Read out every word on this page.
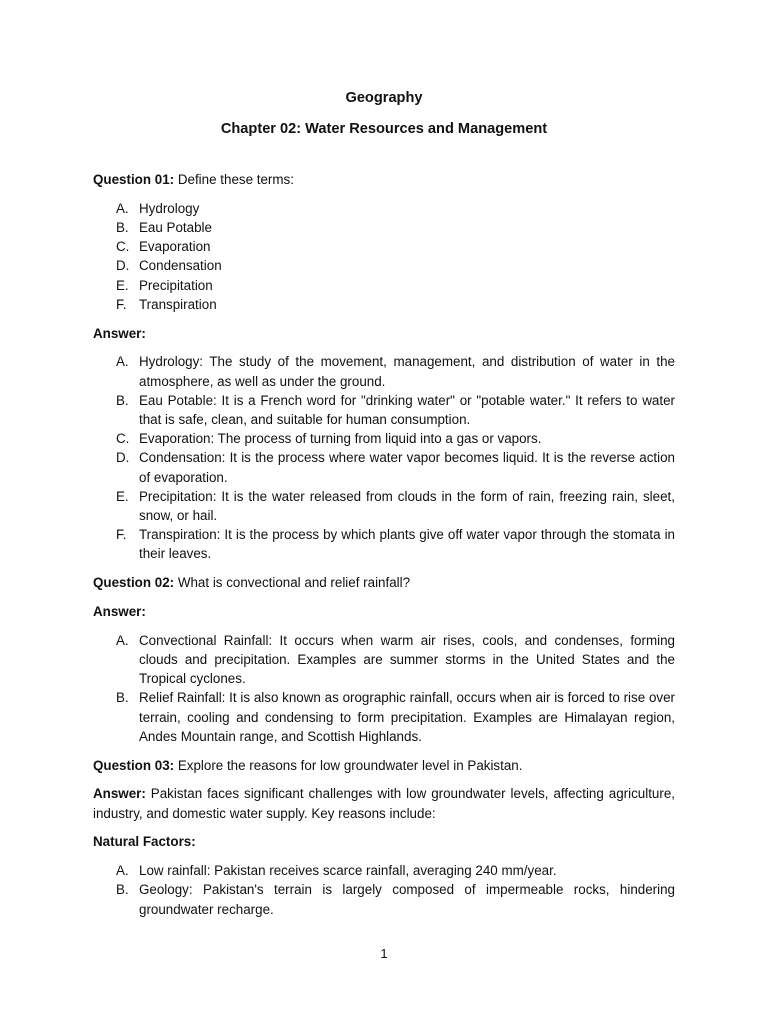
Geography
Chapter 02: Water Resources and Management
Question 01: Define these terms:
A. Hydrology
B. Eau Potable
C. Evaporation
D. Condensation
E. Precipitation
F. Transpiration
Answer:
A. Hydrology: The study of the movement, management, and distribution of water in the atmosphere, as well as under the ground.
B. Eau Potable: It is a French word for "drinking water" or "potable water." It refers to water that is safe, clean, and suitable for human consumption.
C. Evaporation: The process of turning from liquid into a gas or vapors.
D. Condensation: It is the process where water vapor becomes liquid. It is the reverse action of evaporation.
E. Precipitation: It is the water released from clouds in the form of rain, freezing rain, sleet, snow, or hail.
F. Transpiration: It is the process by which plants give off water vapor through the stomata in their leaves.
Question 02: What is convectional and relief rainfall?
Answer:
A. Convectional Rainfall: It occurs when warm air rises, cools, and condenses, forming clouds and precipitation. Examples are summer storms in the United States and the Tropical cyclones.
B. Relief Rainfall: It is also known as orographic rainfall, occurs when air is forced to rise over terrain, cooling and condensing to form precipitation. Examples are Himalayan region, Andes Mountain range, and Scottish Highlands.
Question 03: Explore the reasons for low groundwater level in Pakistan.
Answer: Pakistan faces significant challenges with low groundwater levels, affecting agriculture, industry, and domestic water supply. Key reasons include:
Natural Factors:
A. Low rainfall: Pakistan receives scarce rainfall, averaging 240 mm/year.
B. Geology: Pakistan's terrain is largely composed of impermeable rocks, hindering groundwater recharge.
1
